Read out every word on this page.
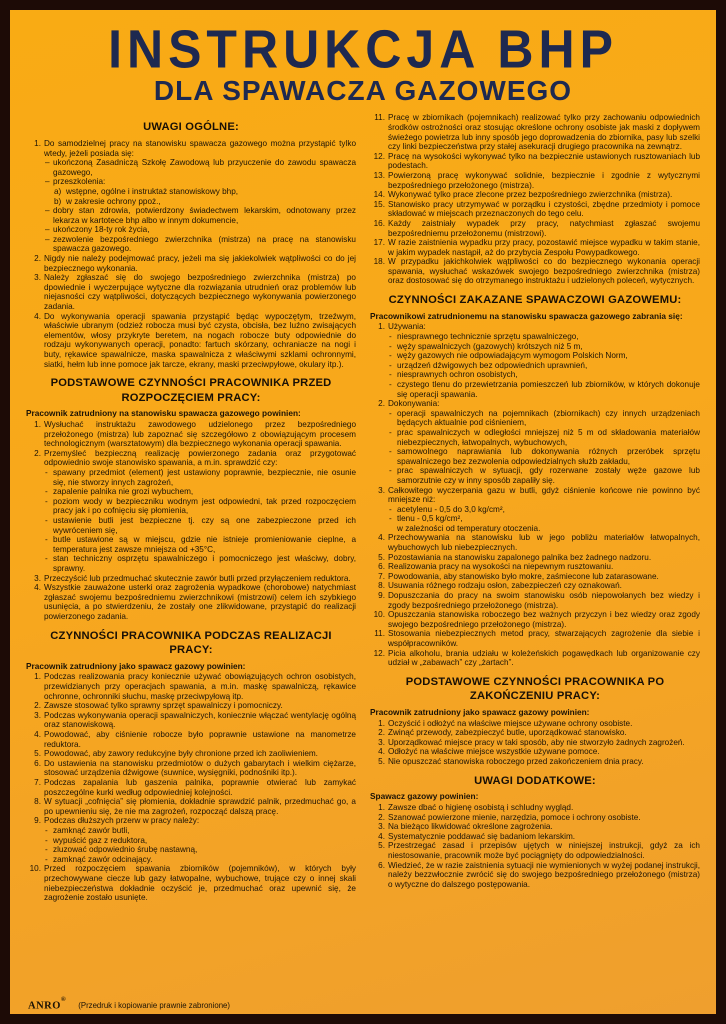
INSTRUKCJA BHP
DLA SPAWACZA GAZOWEGO
UWAGI OGÓLNE:
1. Do samodzielnej pracy na stanowisku spawacza gazowego można przystąpić tylko wtedy, jeżeli posiada się:
– ukończoną Zasadniczą Szkołę Zawodową lub przyuczenie do zawodu spawacza gazowego,
– przeszkolenia:
a) wstępne, ogólne i instruktaż stanowiskowy bhp,
b) w zakresie ochrony ppoż.,
– dobry stan zdrowia, potwierdzony świadectwem lekarskim, odnotowany przez lekarza w kartotece bhp albo w innym dokumencie,
– ukończony 18-ty rok życia,
– zezwolenie bezpośredniego zwierzchnika (mistrza) na pracę na stanowisku spawacza gazowego.
2. Nigdy nie należy podejmować pracy, jeżeli ma się jakiekolwiek wątpliwości co do jej bezpiecznego wykonania.
3. Należy zgłaszać się do swojego bezpośredniego zwierzchnika (mistrza) po dpowiednie i wyczerpujące wytyczne dla rozwiązania utrudnień oraz problemów lub niejasności czy wątpliwości, dotyczących bezpiecznego wykonywania powierzonego zadania.
4. Do wykonywania operacji spawania przystąpić będąc wypoczętym, trzeźwym, właściwie ubranym (odzież robocza musi być czysta, obcisła, bez luźno zwisających elementów, włosy przykryte beretem, na nogach robocze buty odpowiednie do rodzaju wykonywanych operacji, ponadto: fartuch skórzany, ochraniacze na nogi i buty, rękawice spawalnicze, maska spawalnicza z właściwymi szklami ochronnymi, siatki, hełm lub inne pomoce jak tarcze, ekrany, maski przeciwpyłowe, okulary itp.).
PODSTAWOWE CZYNNOŚCI PRACOWNIKA PRZED ROZPOCZĘCIEM PRACY:

Pracownik zatrudniony na stanowisku spawacza gazowego powinien:

1. Wysłuchać instruktażu zawodowego udzielonego przez bezpośredniego przełożonego (mistrza) lub zapoznać się szczegółowo z obowiązującym procesem technologicznym (warsztatowym) dla bezpiecznego wykonania operacji spawania.
2. Przemyśleć bezpieczną realizację powierzonego zadania oraz przygotować odpowiednio swoje stanowisko spawania, a m.in. sprawdzić czy:
- spawany przedmiot (element) jest ustawiony poprawnie, bezpiecznie, nie osunie się, nie stworzy innych zagrożeń,
- zapalenie palnika nie grozi wybuchem,
- poziom wody w bezpieczniku wodnym jest odpowiedni, tak przed rozpoczęciem pracy jak i po cofnięciu się płomienia,
- ustawienie butli jest bezpieczne tj. czy są one zabezpieczone przed ich wywróceniem się,
- butle ustawione są w miejscu, gdzie nie istnieje promieniowanie cieplne, a temperatura jest zawsze mniejsza od +35°C,
- stan techniczny osprzętu spawalniczego i pomocniczego jest właściwy, dobry, sprawny.
3. Przeczyścić lub przedmuchać skutecznie zawór butli przed przyłączeniem reduktora.
4. Wszystkie zauważone usterki oraz zagrożenia wypadkowe (chorobowe) natychmiast zgłaszać swojemu bezpośredniemu zwierzchnikowi (mistrzowi) celem ich szybkiego usunięcia, a po stwierdzeniu, że zostały one zlikwidowane, przystąpić do realizacji powierzonego zadania.
CZYNNOŚCI PRACOWNIKA PODCZAS REALIZACJI PRACY:

Pracownik zatrudniony jako spawacz gazowy powinien:

1. Podczas realizowania pracy koniecznie używać obowiązujących ochron osobistych, przewidzianych przy operacjach spawania, a m.in. maskę spawalniczą, rękawice ochronne, ochronniki słuchu, maskę przeciwpyłową itp.
2. Zawsze stosować tylko sprawny sprzęt spawalniczy i pomocniczy.
3. Podczas wykonywania operacji spawalniczych, koniecznie włączać wentylację ogólną oraz stanowiskową.
4. Powodować, aby ciśnienie robocze było poprawnie ustawione na manometrze reduktora.
5. Powodować, aby zawory redukcyjne były chronione przed ich zaoliwieniem.
6. Do ustawienia na stanowisku przedmiotów o dużych gabarytach i wielkim ciężarze, stosować urządzenia dźwigowe (suwnice, wysięgniki, podnośniki itp.).
7. Podczas zapalania lub gaszenia palnika, poprawnie otwierać lub zamykać poszczególne kurki według odpowiedniej kolejności.
8. W sytuacji „cofnięcia” się płomienia, dokładnie sprawdzić palnik, przedmuchać go, a po upewnieniu się, że nie ma zagrożeń, rozpocząć dalszą pracę.
9. Podczas dłuższych przerw w pracy należy:
- zamknąć zawór butli,
- wypuścić gaz z reduktora,
- zluzować odpowiednio śrubę nastawną,
- zamknąć zawór odcinający.
10. Przed rozpoczęciem spawania zbiorników (pojemników), w których były przechowywane ciecze lub gazy łatwopalne, wybuchowe, trujące czy o innej skali niebezpieczeństwa dokładnie oczyścić je, przedmuchać oraz upewnić się, że zagrożenie zostało usunięte.
11. Pracę w zbiornikach (pojemnikach) realizować tylko przy zachowaniu odpowiednich środków ostrożności oraz stosując określone ochrony osobiste jak maski z dopływem świeżego powietrza lub inny sposób jego doprowadzenia do zbiornika, pasy lub szelki czy linki bezpieczeństwa przy stałej asekuracji drugiego pracownika na zewnątrz.
12. Pracę na wysokości wykonywać tylko na bezpiecznie ustawionych rusztowaniach lub podestach.
13. Powierzoną pracę wykonywać solidnie, bezpiecznie i zgodnie z wytycznymi bezpośredniego przełożonego (mistrza).
14. Wykonywać tylko prace zlecone przez bezpośredniego zwierzchnika (mistrza).
15. Stanowisko pracy utrzymywać w porządku i czystości, zbędne przedmioty i pomoce składować w miejscach przeznaczonych do tego celu.
16. Każdy zaistniały wypadek przy pracy, natychmiast zgłaszać swojemu bezpośredniemu przełożonemu (mistrzowi).
17. W razie zaistnienia wypadku przy pracy, pozostawić miejsce wypadku w takim stanie, w jakim wypadek nastąpił, aż do przybycia Zespołu Powypadkowego.
18. W przypadku jakichkolwiek wątpliwości co do bezpiecznego wykonania operacji spawania, wysłuchać wskazówek swojego bezpośredniego zwierzchnika (mistrza) oraz dostosować się do otrzymanego instruktażu i udzielonych poleceń, wytycznych.
CZYNNOŚCI ZAKAZANE SPAWACZOWI GAZOWEMU:

Pracownikowi zatrudnionemu na stanowisku spawacza gazowego zabrania się:

1. Używania:
- niesprawnego technicznie sprzętu spawalniczego,
- węży spawalniczych (gazowych) krótszych niż 5 m,
- węży gazowych nie odpowiadającym wymogom Polskich Norm,
- urządzeń dźwigowych bez odpowiednich uprawnień,
- niesprawnych ochron osobistych,
- czystego tlenu do przewietrzania pomieszczeń lub zbiorników, w których dokonuje się operacji spawania.
2. Dokonywania:
- operacji spawalniczych na pojemnikach (zbiornikach) czy innych urządzeniach będących aktualnie pod ciśnieniem,
- prac spawalniczych w odległości mniejszej niż 5 m od składowania materiałów niebezpiecznych, łatwopalnych, wybuchowych,
- samowolnego naprawiania lub dokonywania różnych przeróbek sprzętu spawalniczego bez zezwolenia odpowiedzialnych służb zakładu,
- prac spawalniczych w sytuacji, gdy rozerwane zostały węże gazowe lub samorzutnie czy w inny sposób zapaliły się.
3. Całkowitego wyczerpania gazu w butli, gdyż ciśnienie końcowe nie powinno być mniejsze niż:
- acetylenu - 0,5 do 3,0 kg/cm²,
- tlenu - 0,5 kg/cm²,
w zależności od temperatury otoczenia.
4. Przechowywania na stanowisku lub w jego pobliżu materiałów łatwopalnych, wybuchowych lub niebezpiecznych.
5. Pozostawiania na stanowisku zapalonego palnika bez żadnego nadzoru.
6. Realizowania pracy na wysokości na niepewnym rusztowaniu.
7. Powodowania, aby stanowisko było mokre, zaśmiecone lub zatarasowane.
8. Usuwania różnego rodzaju osłon, zabezpieczeń czy oznakowań.
9. Dopuszczania do pracy na swoim stanowisku osób niepowołanych bez wiedzy i zgody bezpośredniego przełożonego (mistrza).
10. Opuszczania stanowiska roboczego bez ważnych przyczyn i bez wiedzy oraz zgody swojego bezpośredniego przełożonego (mistrza).
11. Stosowania niebezpiecznych metod pracy, stwarzających zagrożenie dla siebie i współpracowników.
12. Picia alkoholu, brania udziału w koleżeńskich pogawędkach lub organizowanie czy udział w „zabawach” czy „żartach”.
PODSTAWOWE CZYNNOŚCI PRACOWNIKA PO ZAKOŃCZENIU PRACY:

Pracownik zatrudniony jako spawacz gazowy powinien:

1. Oczyścić i odłożyć na właściwe miejsce używane ochrony osobiste.
2. Zwinąć przewody, zabezpieczyć butle, uporządkować stanowisko.
3. Uporządkować miejsce pracy w taki sposób, aby nie stworzyło żadnych zagrożeń.
4. Odłożyć na właściwe miejsce wszystkie używane pomoce.
5. Nie opuszczać stanowiska roboczego przed zakończeniem dnia pracy.
UWAGI DODATKOWE:

Spawacz gazowy powinien:

1. Zawsze dbać o higienę osobistą i schludny wygląd.
2. Szanować powierzone mienie, narzędzia, pomoce i ochrony osobiste.
3. Na bieżąco likwidować określone zagrożenia.
4. Systematycznie poddawać się badaniom lekarskim.
5. Przestrzegać zasad i przepisów ujętych w niniejszej instrukcji, gdyż za ich niestosowanie, pracownik może być pociągnięty do odpowiedzialności.
6. Wiedzieć, że w razie zaistnienia sytuacji nie wymienionych w wyżej podanej instrukcji, należy bezzwłocznie zwrócić się do swojego bezpośredniego przełożonego (mistrza) o wytyczne do dalszego postępowania.
ANRO®
(Przedruk i kopiowanie prawnie zabronione)
